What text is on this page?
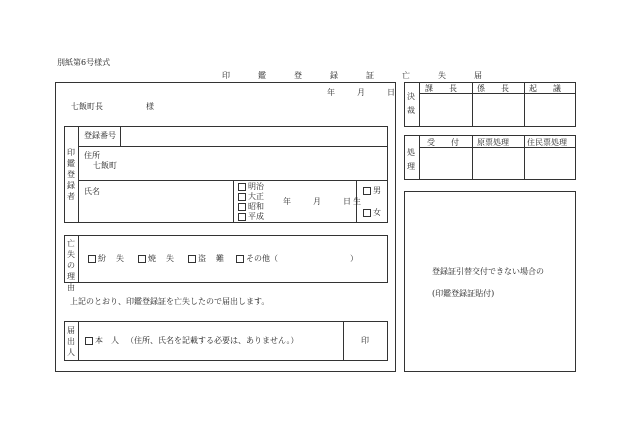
別紙第6号様式
印　鑑　登　録　証　亡　失　届
年　　月　　日
七飯町長	様
印鑑登録者
登録番号
住所
七飯町
氏名
明治
大正
昭和
平成
年　　月　　日生
男
女
亡失の理由
紛　失	焼　失	盗　難	その他（　　　　　　　　　）
上記のとおり、印鑑登録証を亡失したので届出します。
届出人
本　人 （住所、氏名を記載する必要は、ありません。）	印
決裁
課　　長	係　　長	起　　議
処理
受　　付 原票処理 住民票処理
登録証引替交付できない場合の
(印鑑登録証貼付)
